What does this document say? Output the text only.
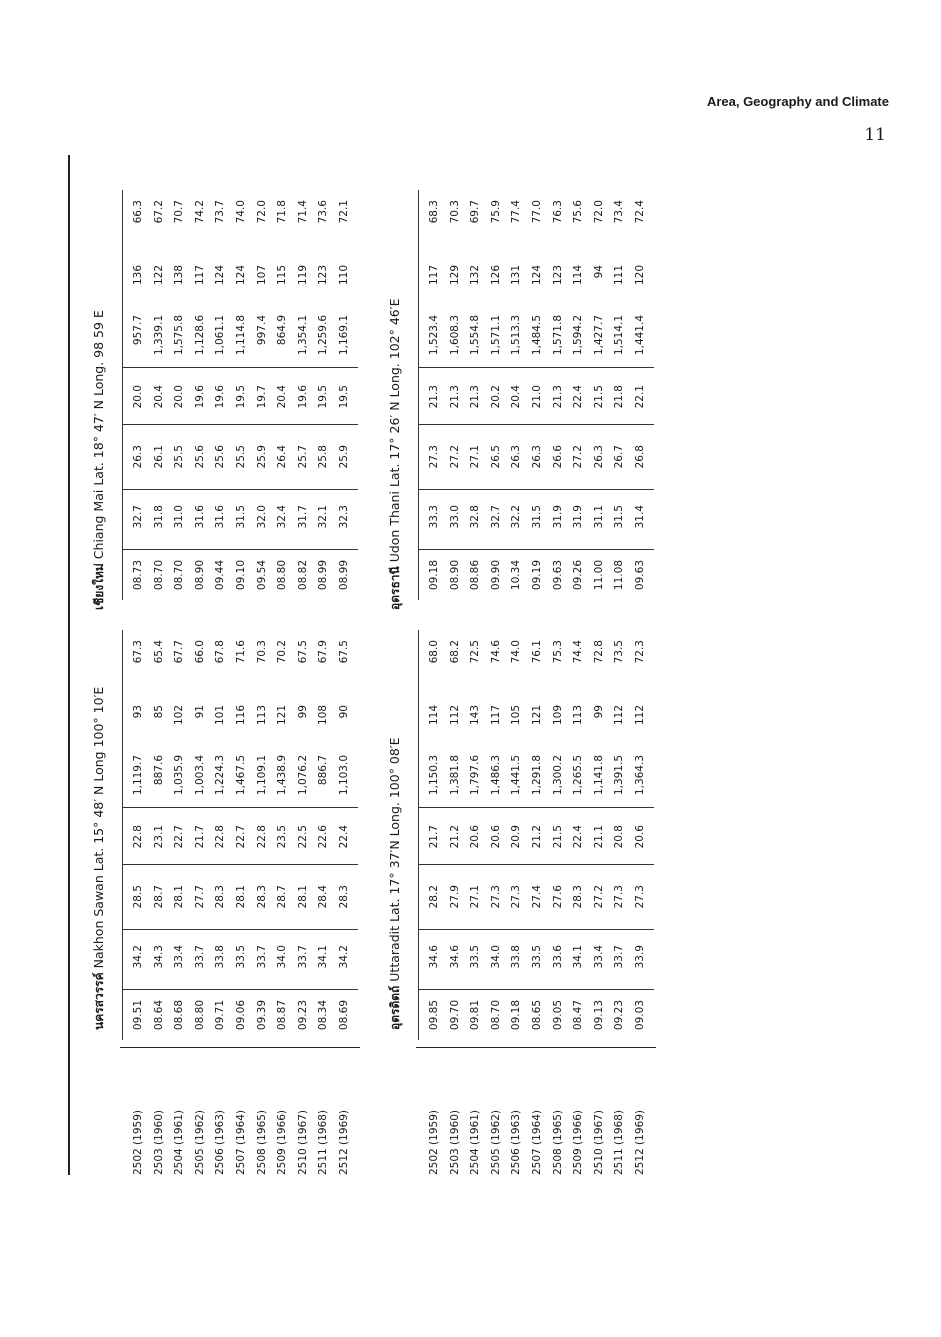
Area, Geography and Climate
11
2502 (1959) 2503 (1960) 2504 (1961) 2505 (1962) 2506 (1963) 2507 (1964) 2508 (1965) 2509 (1966) 2510 (1967) 2511 (1968) 2512 (1969)	2502 (1959) 2503 (1960) 2504 (1961) 2505 (1962) 2506 (1963) 2507 (1964) 2508 (1965) 2509 (1966) 2510 (1967) 2511 (1968) 2512 (1969)
นครสวรรค์ Nakhon Sawan Lat. 15° 48′ N Long 100° 10′E
09.51 08.64 08.68 08.80 09.71 09.06 09.39 08.87 09.23 08.34 08.69
34.2 34.3 33.4 33.7 33.8 33.5 33.7 34.0 33.7 34.1 34.2
28.5 28.7 28.1 27.7 28.3 28.1 28.3 28.7 28.1 28.4 28.3
22.8 23.1 22.7 21.7 22.8 22.7 22.8 23.5 22.5 22.6 22.4
1,119.7 887.6 1,035.9 1,003.4 1,224.3 1,467.5 1,109.1 1,438.9 1,076.2 886.7 1,103.0
93 85 102 91 101 116 113 121 99 108 90
67.3 65.4 67.7 66.0 67.8 71.6 70.3 70.2 67.5 67.9 67.5
อุตรดิตถ์ Uttaradit Lat. 17° 37′N Long. 100° 08′E
09.85 09.70 09.81 08.70 09.18 08.65 09.05 08.47 09.13 09.23 09.03
34.6 34.6 33.5 34.0 33.8 33.5 33.6 34.1 33.4 33.7 33.9
28.2 27.9 27.1 27.3 27.3 27.4 27.6 28.3 27.2 27.3 27.3
21.7 21.2 20.6 20.6 20.9 21.2 21.5 22.4 21.1 20.8 20.6
1,150.3 1,381.8 1,797.6 1,486.3 1,441.5 1,291.8 1,300.2 1,265.5 1,141.8 1,391.5 1,364.3
114 112 143 117 105 121 109 113 99 112 112
68.0 68.2 72.5 74.6 74.0 76.1 75.3 74.4 72.8 73.5 72.3
เชียงใหม่ Chiang Mai Lat. 18° 47′ N Long. 98 59 E
08.73 08.70 08.70 08.90 09.44 09.10 09.54 08.80 08.82 08.99 08.99
32.7 31.8 31.0 31.6 31.6 31.5 32.0 32.4 31.7 32.1 32.3
26.3 26.1 25.5 25.6 25.6 25.5 25.9 26.4 25.7 25.8 25.9
20.0 20.4 20.0 19.6 19.6 19.5 19.7 20.4 19.6 19.5 19.5
957.7 1,339.1 1,575.8 1,128.6 1,061.1 1,114.8 997.4 864.9 1,354.1 1,259.6 1,169.1
136 122 138 117 124 124 107 115 119 123 110
66.3 67.2 70.7 74.2 73.7 74.0 72.0 71.8 71.4 73.6 72.1
อุดรธานี Udon Thani Lat. 17° 26′ N Long. 102° 46′E
09.18 08.90 08.86 09.90 10.34 09.19 09.63 09.26 11.00 11.08 09.63
33.3 33.0 32.8 32.7 32.2 31.5 31.9 31.9 31.1 31.5 31.4
27.3 27.2 27.1 26.5 26.3 26.3 26.6 27.2 26.3 26.7 26.8
21.3 21.3 21.3 20.2 20.4 21.0 21.3 22.4 21.5 21.8 22.1
1,523.4 1,608.3 1,554.8 1,571.1 1,513.3 1,484.5 1,571.8 1,594.2 1,427.7 1,514.1 1,441.4
117 129 132 126 131 124 123 114 94 111 120
68.3 70.3 69.7 75.9 77.4 77.0 76.3 75.6 72.0 73.4 72.4
